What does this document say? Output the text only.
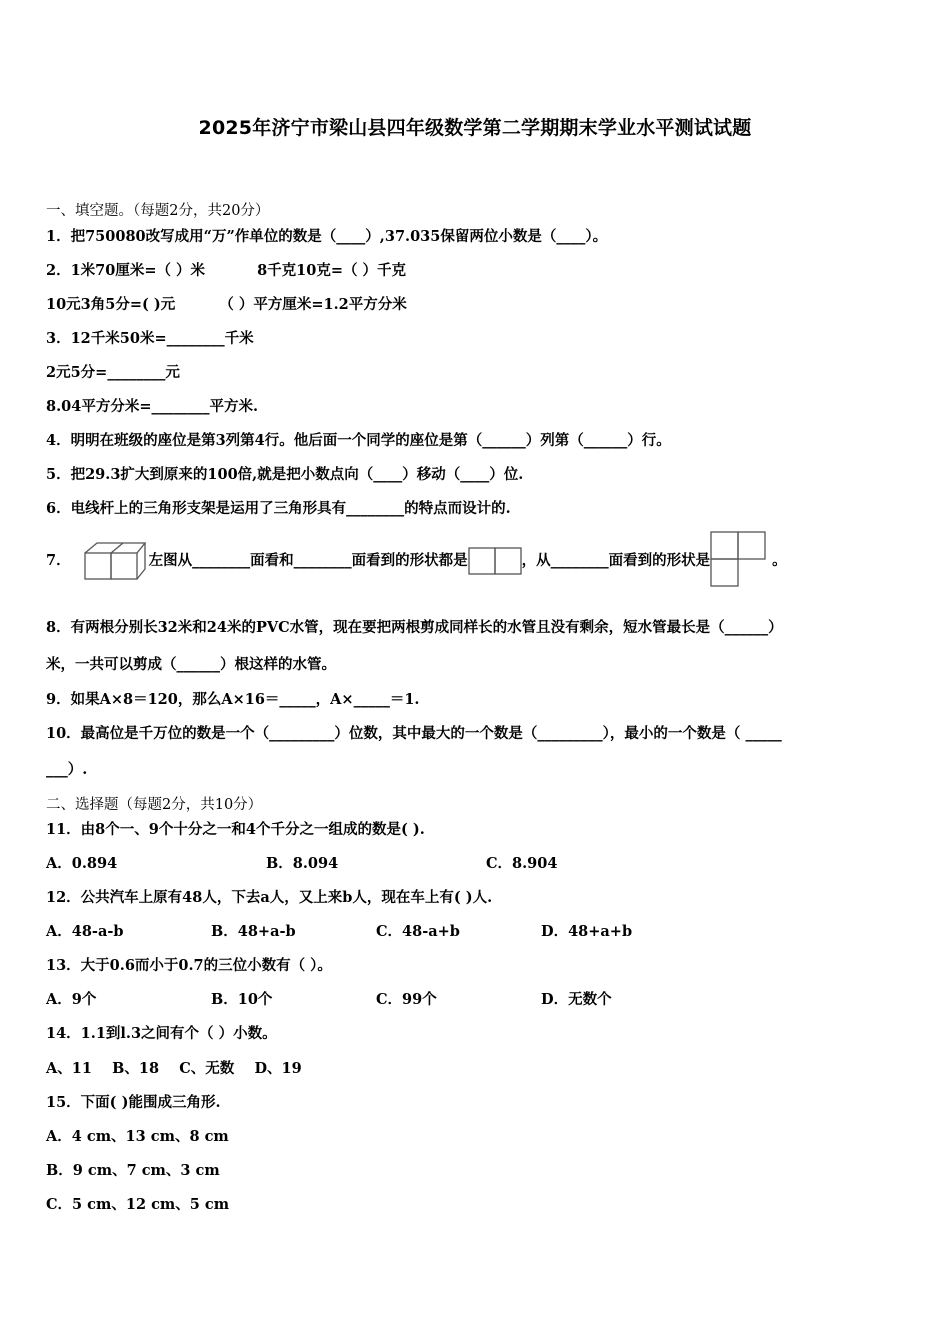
2025年济宁市梁山县四年级数学第二学期期末学业水平测试试题
一、填空题。（每题2分，共20分）
1．把750080改写成用“万”作单位的数是（____）,37.035保留两位小数是（____）。
2．1米70厘米=（ ）米	8千克10克=（ ）千克
10元3角5分=( )元	（ ）平方厘米=1.2平方分米
3．12千米50米=________千米
2元5分=________元
8.04平方分米=________平方米.
4．明明在班级的座位是第3列第4行。他后面一个同学的座位是第（______）列第（______）行。
5．把29.3扩大到原来的100倍,就是把小数点向（____）移动（____）位.
6．电线杆上的三角形支架是运用了三角形具有________的特点而设计的.
7．	左图从________面看和________面看到的形状都是	，从________面看到的形状是	。
8．有两根分别长32米和24米的PVC水管，现在要把两根剪成同样长的水管且没有剩余，短水管最长是（______）
米，一共可以剪成（______）根这样的水管。
9．如果A×8＝120，那么A×16＝_____，A×_____＝1.
10．最高位是千万位的数是一个（_________）位数，其中最大的一个数是（_________），最小的一个数是（ _____
___）.
二、选择题（每题2分，共10分）
11．由8个一、9个十分之一和4个千分之一组成的数是( ).
A．0.894	B．8.094	C．8.904
12．公共汽车上原有48人，下去a人，又上来b人，现在车上有( )人.
A．48-a-b	B．48+a-b	C．48-a+b	D．48+a+b
13．大于0.6而小于0.7的三位小数有（ ）。
A．9个	B．10个	C．99个	D．无数个
14．1.1到l.3之间有个（ ）小数。
A、11    B、18    C、无数    D、19
15．下面( )能围成三角形.
A．4 cm、13 cm、8 cm
B．9 cm、7 cm、3 cm
C．5 cm、12 cm、5 cm
